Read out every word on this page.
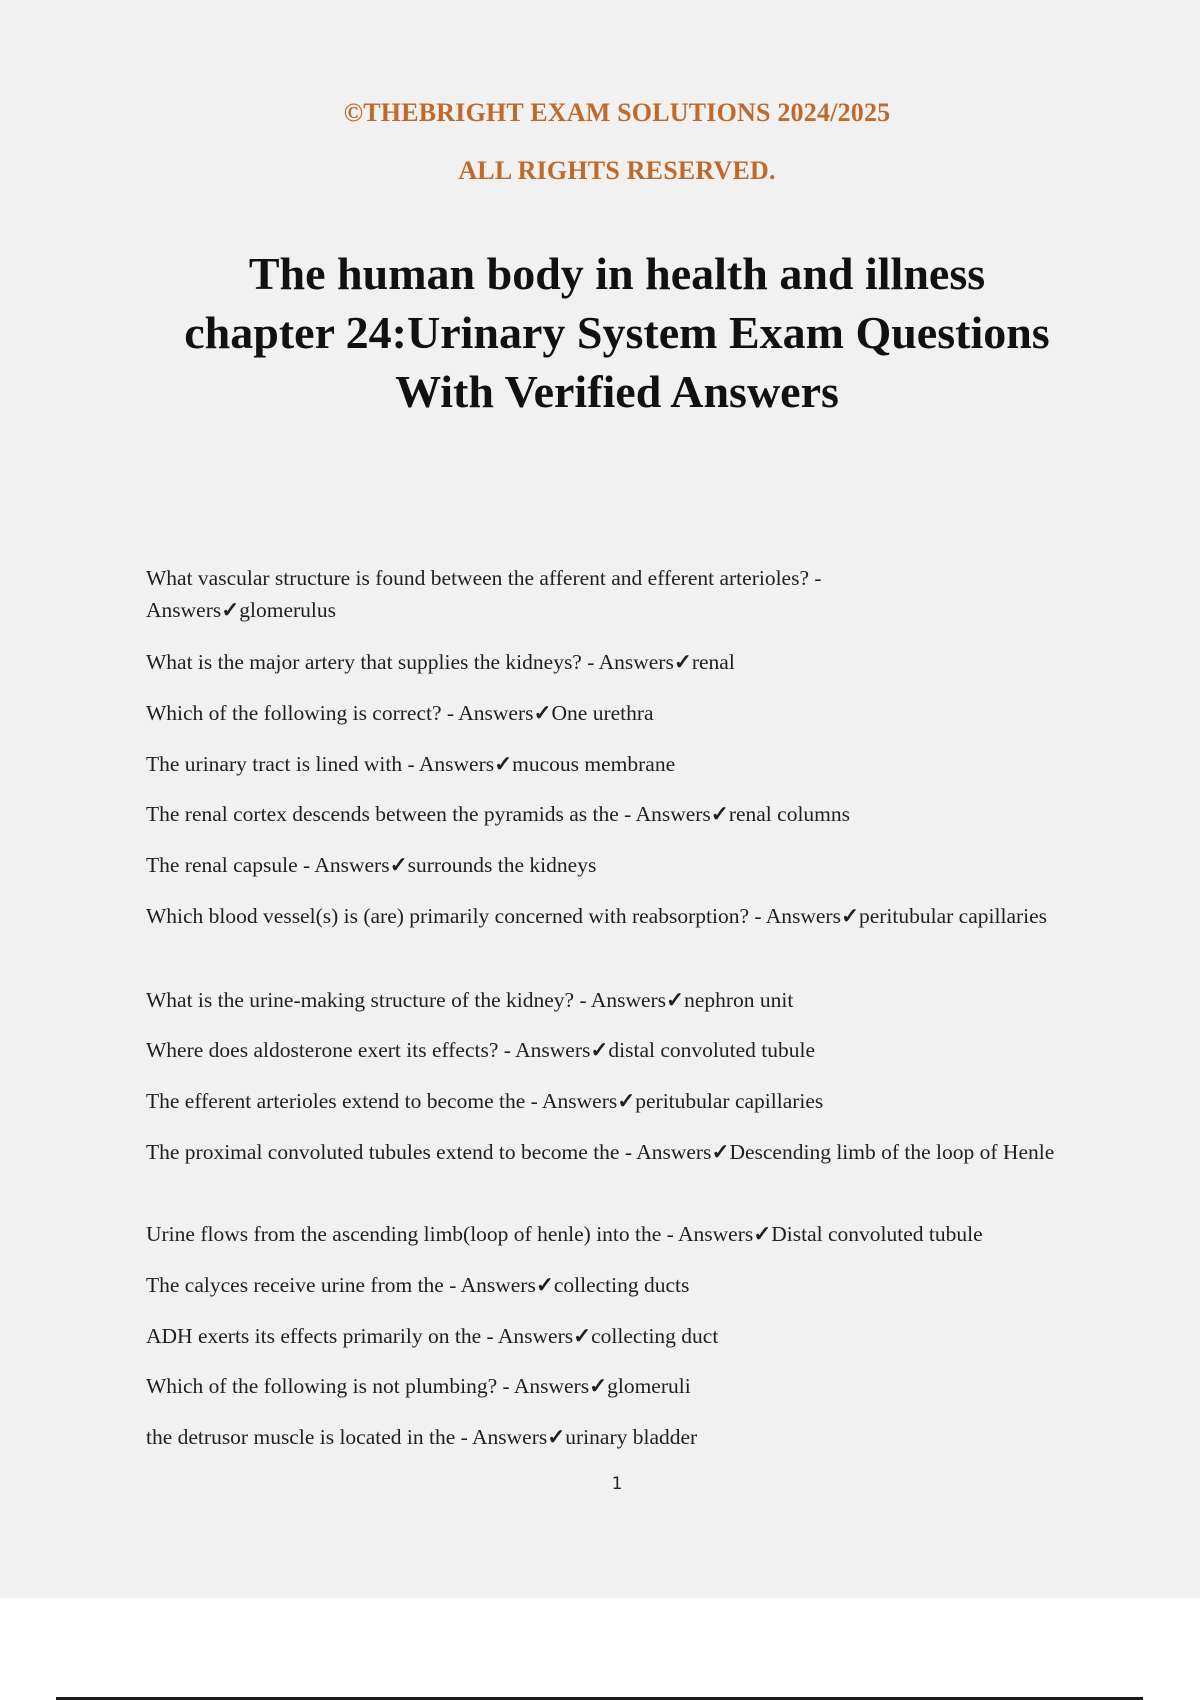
©THEBRIGHT EXAM SOLUTIONS 2024/2025
ALL RIGHTS RESERVED.
The human body in health and illness
chapter 24:Urinary System Exam Questions
With Verified Answers
What vascular structure is found between the afferent and efferent arterioles? -
Answers✓glomerulus
What is the major artery that supplies the kidneys? - Answers✓renal
Which of the following is correct? - Answers✓One urethra
The urinary tract is lined with - Answers✓mucous membrane
The renal cortex descends between the pyramids as the - Answers✓renal columns
The renal capsule - Answers✓surrounds the kidneys
Which blood vessel(s) is (are) primarily concerned with reabsorption? - Answers✓peritubular capillaries
What is the urine-making structure of the kidney? - Answers✓nephron unit
Where does aldosterone exert its effects? - Answers✓distal convoluted tubule
The efferent arterioles extend to become the - Answers✓peritubular capillaries
The proximal convoluted tubules extend to become the - Answers✓Descending limb of the loop of Henle
Urine flows from the ascending limb(loop of henle) into the - Answers✓Distal convoluted tubule
The calyces receive urine from the - Answers✓collecting ducts
ADH exerts its effects primarily on the - Answers✓collecting duct
Which of the following is not plumbing? - Answers✓glomeruli
the detrusor muscle is located in the - Answers✓urinary bladder
1
